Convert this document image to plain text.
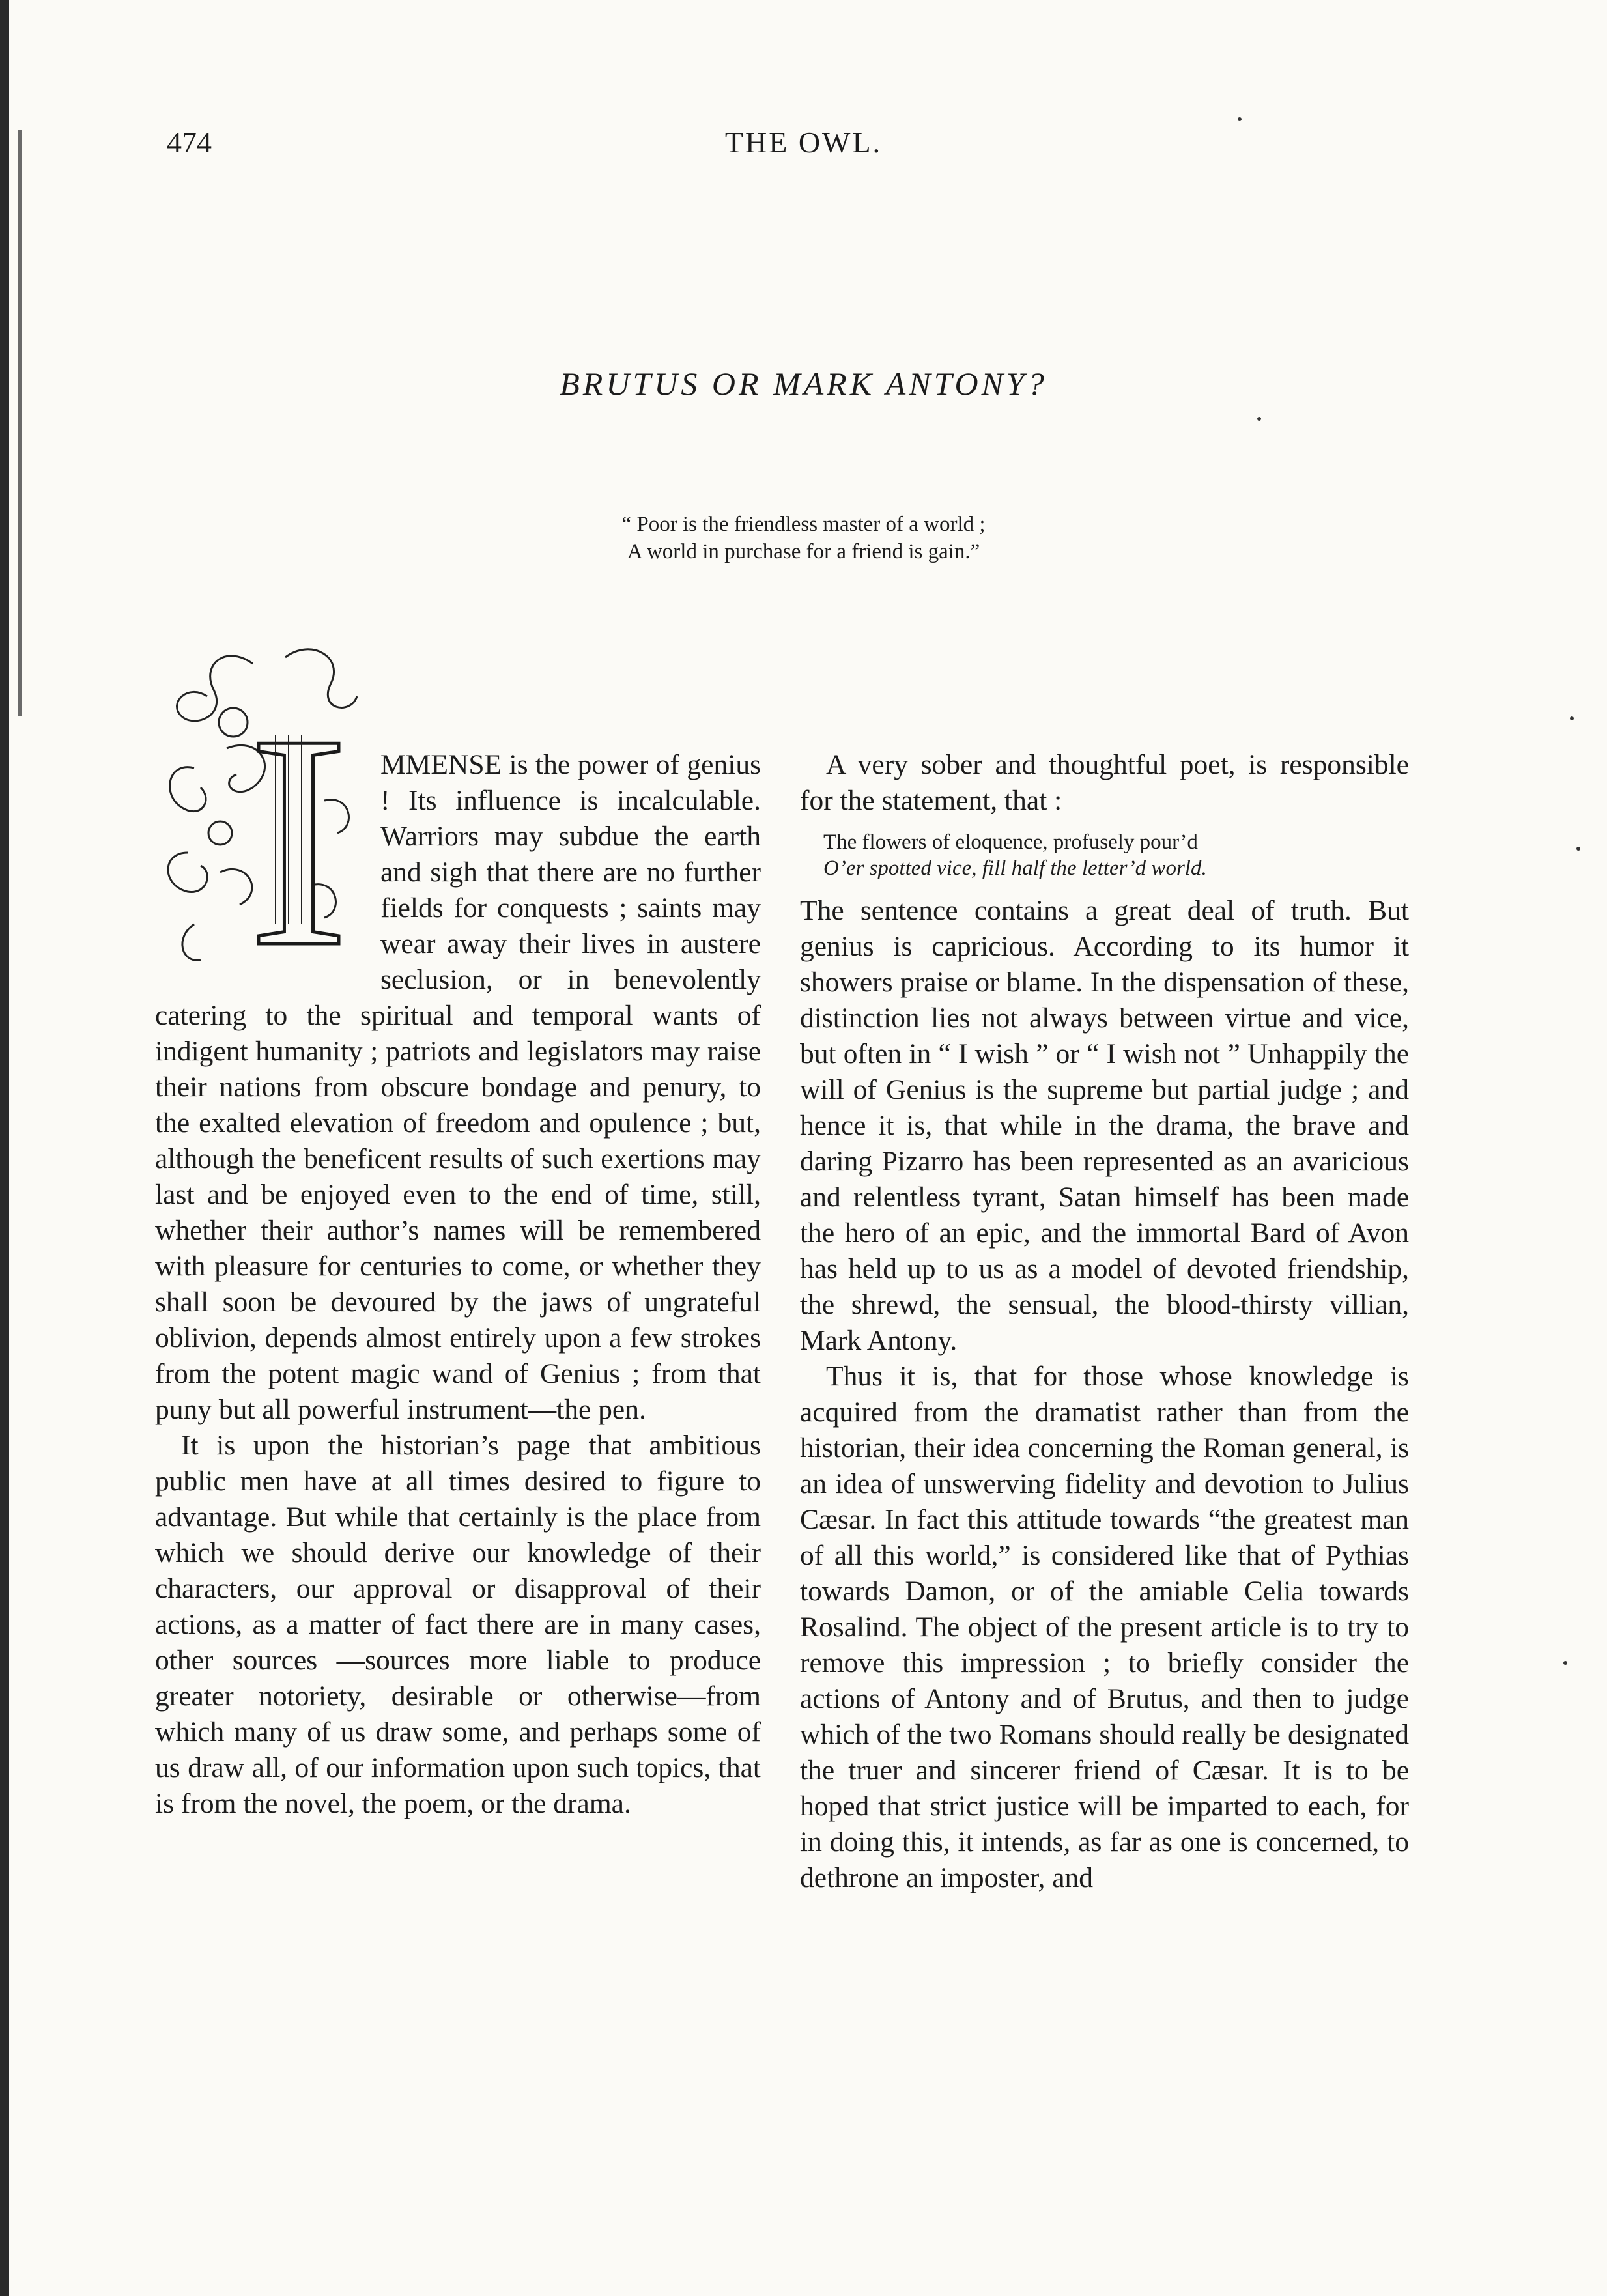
474	THE OWL.
BRUTUS OR MARK ANTONY?
“ Poor is the friendless master of a world ;
A world in purchase for a friend is gain.”
I	MMENSE is the power of genius ! Its influence is incalculable. Warriors may subdue the earth and sigh that there are no further fields for conquests ; saints may wear away their lives in austere seclusion, or in benevolently catering to the spiritual and temporal wants of indigent humanity ; patriots and legislators may raise their nations from obscure bondage and penury, to the exalted elevation of freedom and opulence ; but, although the beneficent results of such exertions may last and be enjoyed even to the end of time, still, whether their author’s names will be remembered with pleasure for centuries to come, or whether they shall soon be devoured by the jaws of ungrateful oblivion, depends almost entirely upon a few strokes from the potent magic wand of Genius ; from that puny but all powerful instrument—the pen.

It is upon the historian’s page that ambitious public men have at all times desired to figure to advantage. But while that certainly is the place from which we should derive our knowledge of their characters, our approval or disapproval of their actions, as a matter of fact there are in many cases, other sources —sources more liable to produce greater notoriety, desirable or otherwise—from which many of us draw some, and perhaps some of us draw all, of our information upon such topics, that is from the novel, the poem, or the drama.

A very sober and thoughtful poet, is responsible for the statement, that :

The flowers of eloquence, profusely pour’d
O’er spotted vice, fill half the letter’d world.

The sentence contains a great deal of truth. But genius is capricious. According to its humor it showers praise or blame. In the dispensation of these, distinction lies not always between virtue and vice, but often in “ I wish ” or “ I wish not ” Unhappily the will of Genius is the supreme but partial judge ; and hence it is, that while in the drama, the brave and daring Pizarro has been represented as an avaricious and relentless tyrant, Satan himself has been made the hero of an epic, and the immortal Bard of Avon has held up to us as a model of devoted friendship, the shrewd, the sensual, the blood-thirsty villian, Mark Antony.

Thus it is, that for those whose knowledge is acquired from the dramatist rather than from the historian, their idea concerning the Roman general, is an idea of unswerving fidelity and devotion to Julius Cæsar. In fact this attitude towards “the greatest man of all this world,” is considered like that of Pythias towards Damon, or of the amiable Celia towards Rosalind. The object of the present article is to try to remove this impression ; to briefly consider the actions of Antony and of Brutus, and then to judge which of the two Romans should really be designated the truer and sincerer friend of Cæsar. It is to be hoped that strict justice will be imparted to each, for in doing this, it intends, as far as one is concerned, to dethrone an imposter, and
